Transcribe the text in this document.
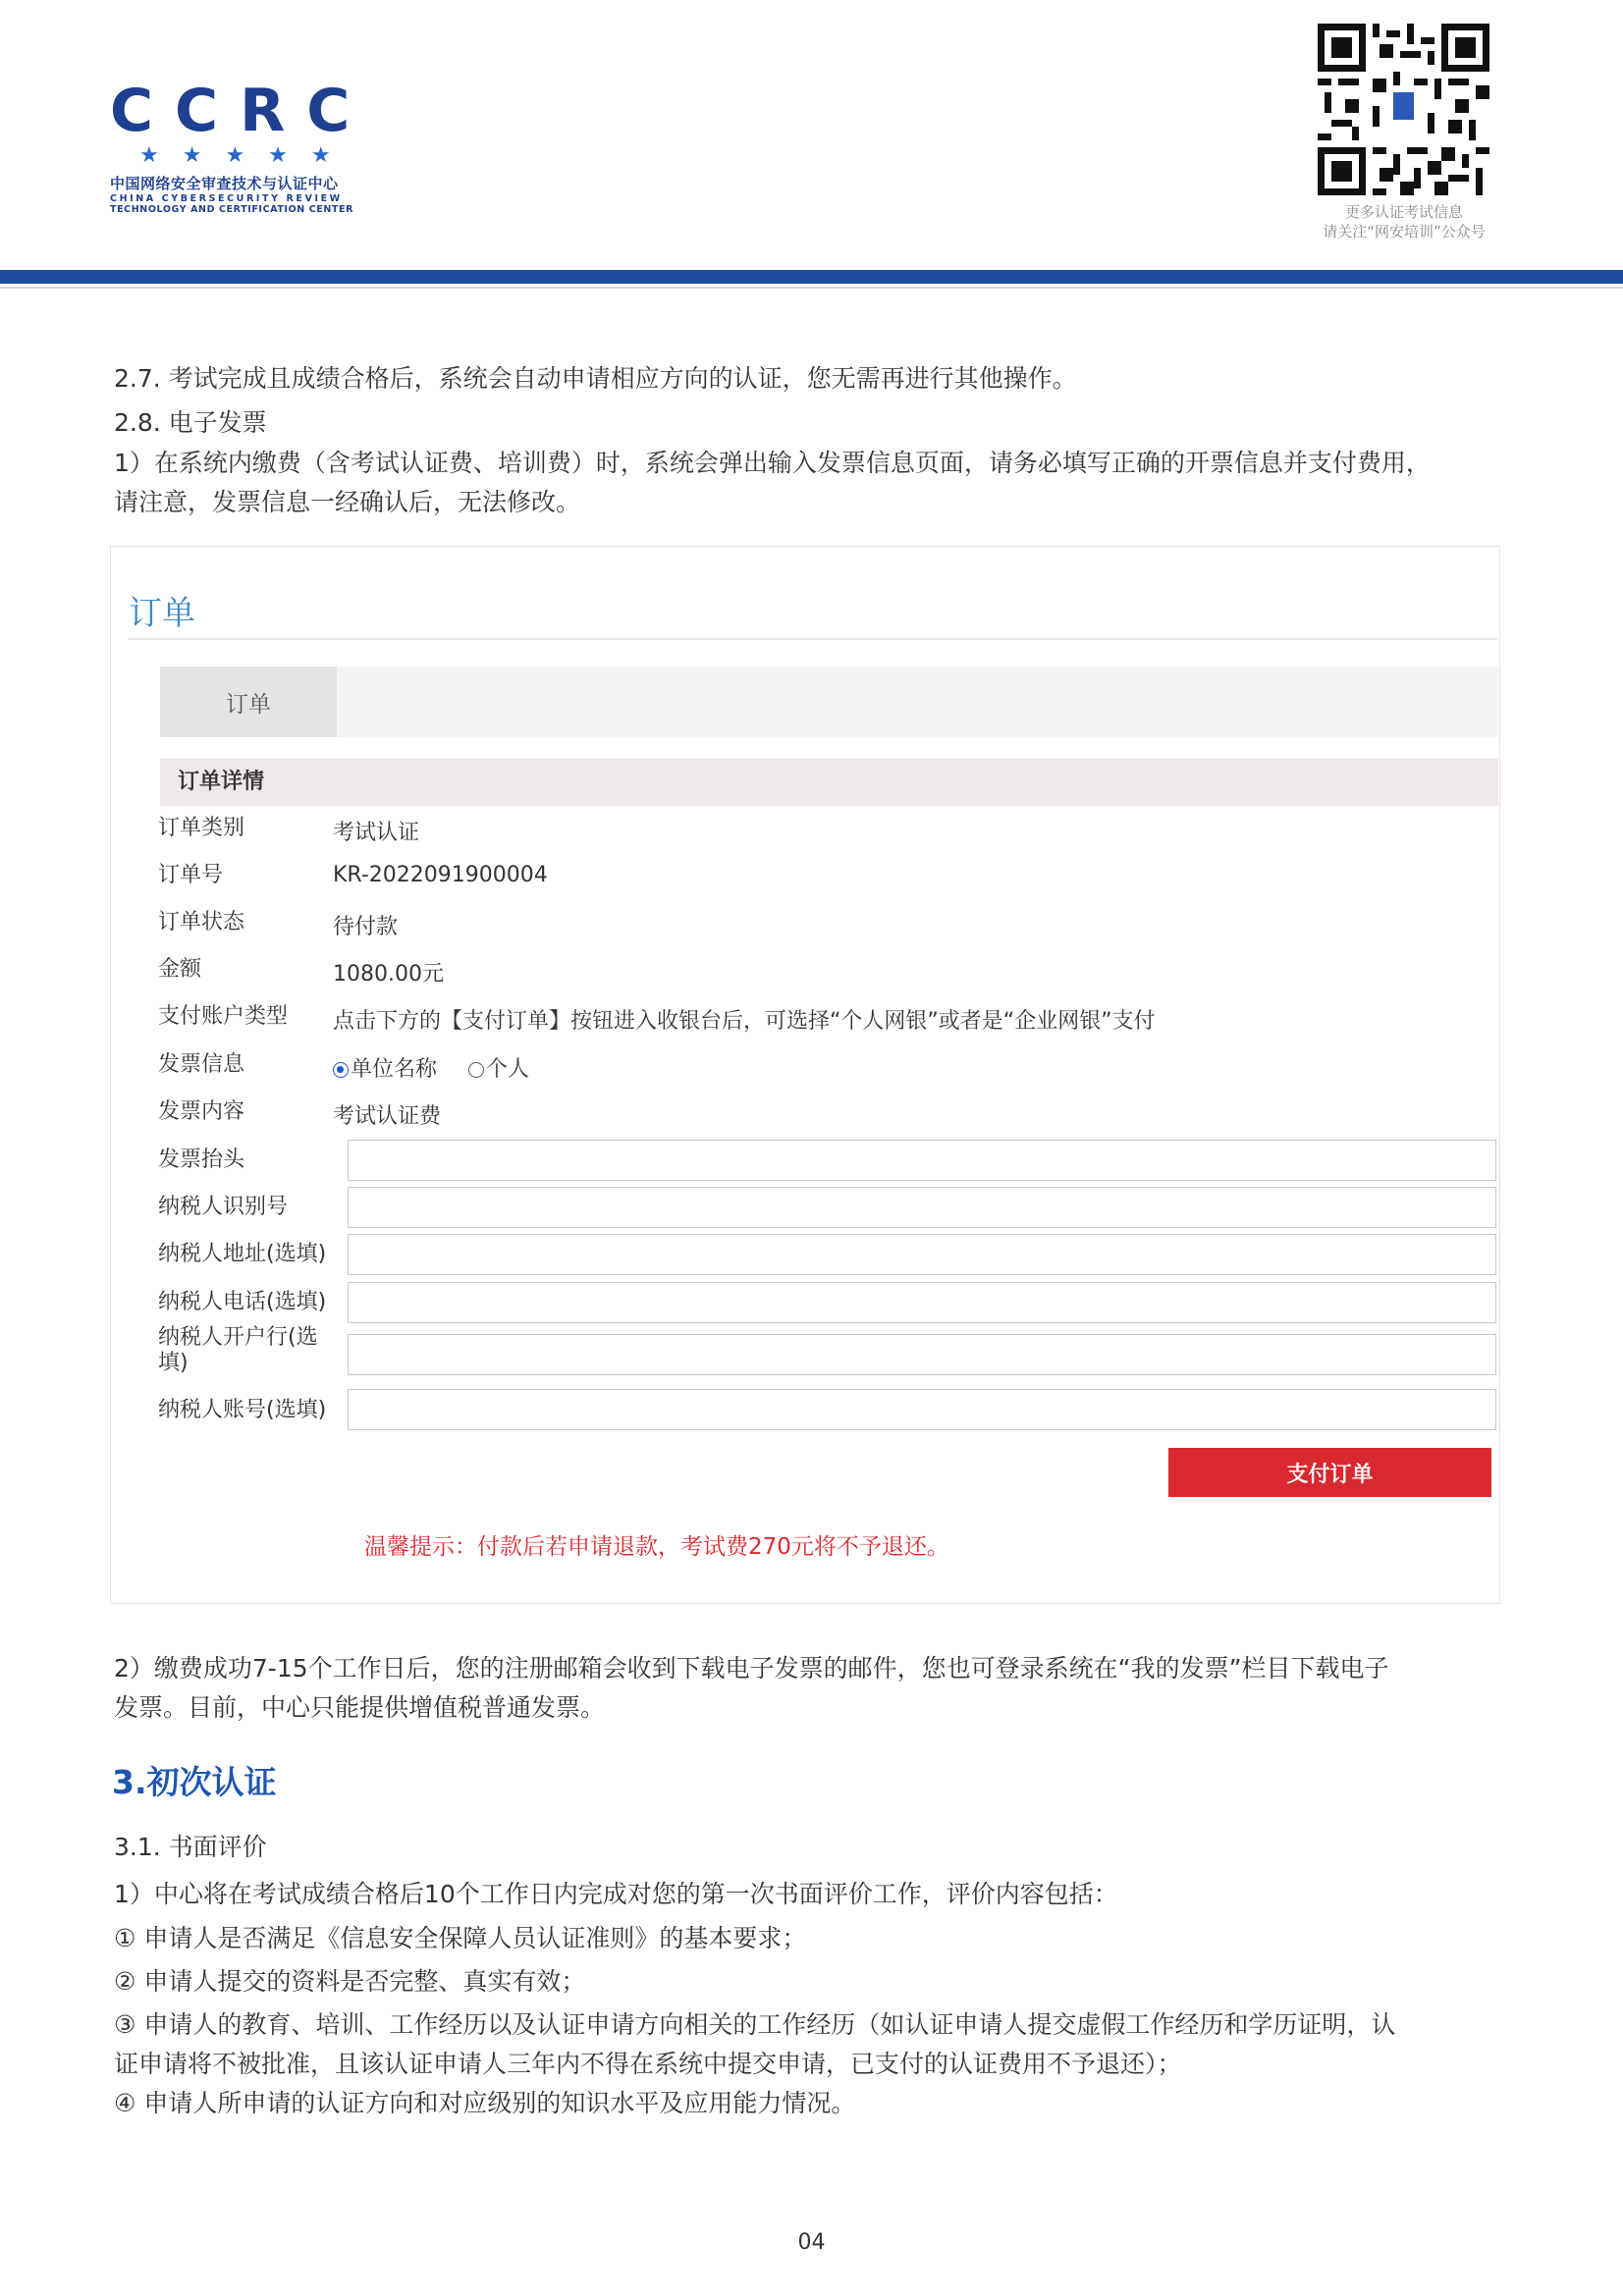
CCRC
★★★★★
中国网络安全审查技术与认证中心
CHINA CYBERSECURITY REVIEW
TECHNOLOGY AND CERTIFICATION CENTER	更多认证考试信息
请关注“网安培训”公众号
2.7. 考试完成且成绩合格后，系统会自动申请相应方向的认证，您无需再进行其他操作。
2.8. 电子发票
1）在系统内缴费（含考试认证费、培训费）时，系统会弹出输入发票信息页面，请务必填写正确的开票信息并支付费用，
请注意，发票信息一经确认后，无法修改。
订单
订单
订单详情
订单类别	考试认证
订单号	KR-2022091900004
订单状态	待付款
金额	1080.00元
支付账户类型	点击下方的【支付订单】按钮进入收银台后，可选择“个人网银”或者是“企业网银”支付
发票信息	单位名称 个人
发票内容	考试认证费
发票抬头
纳税人识别号
纳税人地址(选填)
纳税人电话(选填)
纳税人开户行(选填)
纳税人账号(选填)
支付订单
温馨提示：付款后若申请退款，考试费270元将不予退还。
2）缴费成功7-15个工作日后，您的注册邮箱会收到下载电子发票的邮件，您也可登录系统在“我的发票”栏目下载电子
发票。目前，中心只能提供增值税普通发票。
3.初次认证
3.1. 书面评价
1）中心将在考试成绩合格后10个工作日内完成对您的第一次书面评价工作，评价内容包括：
① 申请人是否满足《信息安全保障人员认证准则》的基本要求；
② 申请人提交的资料是否完整、真实有效；
③ 申请人的教育、培训、工作经历以及认证申请方向相关的工作经历（如认证申请人提交虚假工作经历和学历证明，认
证申请将不被批准，且该认证申请人三年内不得在系统中提交申请，已支付的认证费用不予退还）；
④ 申请人所申请的认证方向和对应级别的知识水平及应用能力情况。
04
